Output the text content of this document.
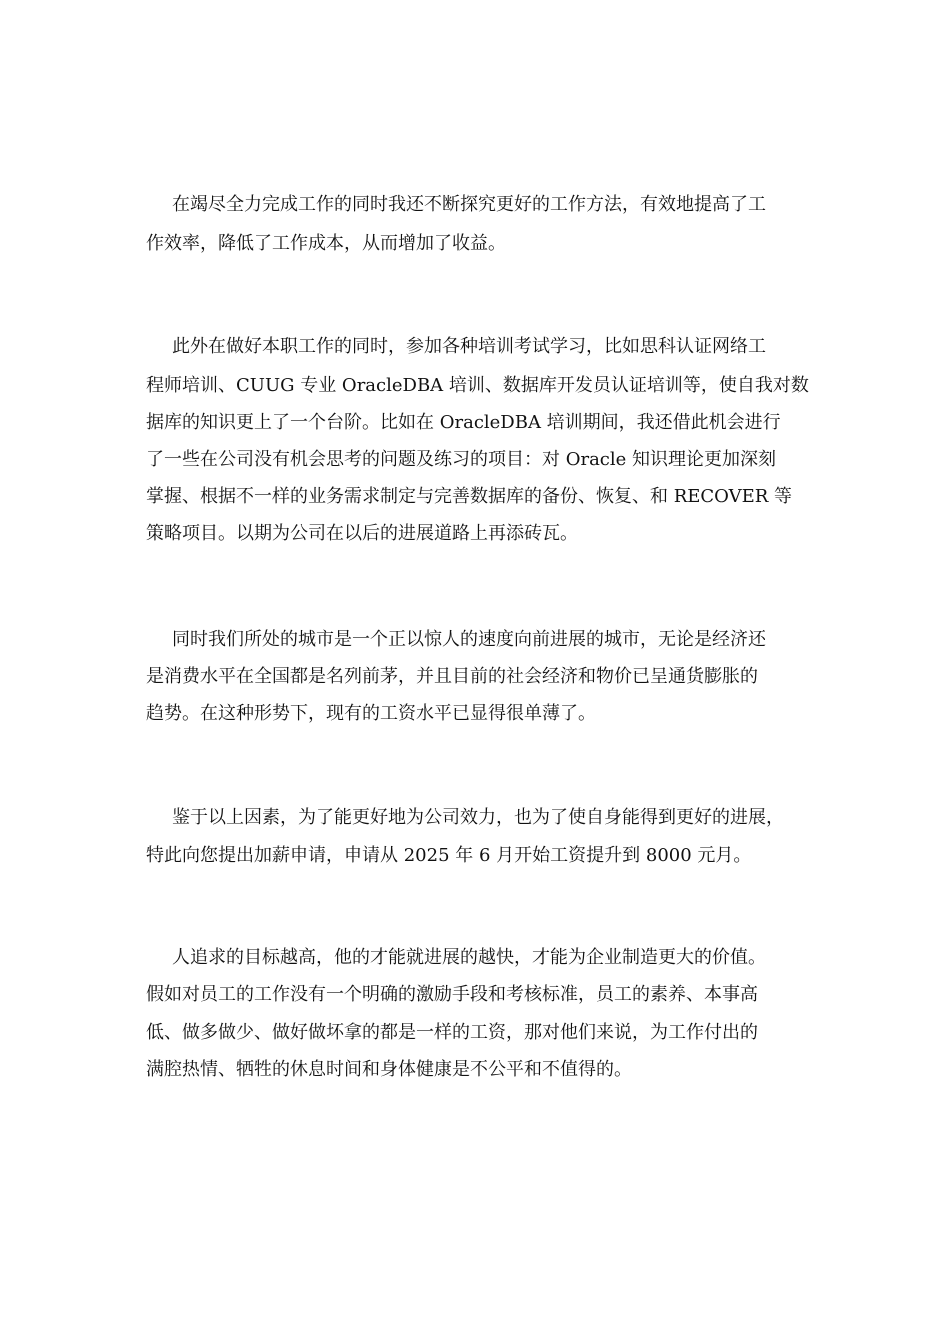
在竭尽全力完成工作的同时我还不断探究更好的工作方法，有效地提高了工
作效率，降低了工作成本，从而增加了收益。
此外在做好本职工作的同时，参加各种培训考试学习，比如思科认证网络工
程师培训、CUUG 专业 OracleDBA 培训、数据库开发员认证培训等，使自我对数
据库的知识更上了一个台阶。比如在 OracleDBA 培训期间，我还借此机会进行
了一些在公司没有机会思考的问题及练习的项目：对 Oracle 知识理论更加深刻
掌握、根据不一样的业务需求制定与完善数据库的备份、恢复、和 RECOVER 等
策略项目。以期为公司在以后的进展道路上再添砖瓦。
同时我们所处的城市是一个正以惊人的速度向前进展的城市，无论是经济还
是消费水平在全国都是名列前茅，并且目前的社会经济和物价已呈通货膨胀的
趋势。在这种形势下，现有的工资水平已显得很单薄了。
鉴于以上因素，为了能更好地为公司效力，也为了使自身能得到更好的进展，
特此向您提出加薪申请，申请从 2025 年 6 月开始工资提升到 8000 元月。
人追求的目标越高，他的才能就进展的越快，才能为企业制造更大的价值。
假如对员工的工作没有一个明确的激励手段和考核标准，员工的素养、本事高
低、做多做少、做好做坏拿的都是一样的工资，那对他们来说，为工作付出的
满腔热情、牺牲的休息时间和身体健康是不公平和不值得的。
